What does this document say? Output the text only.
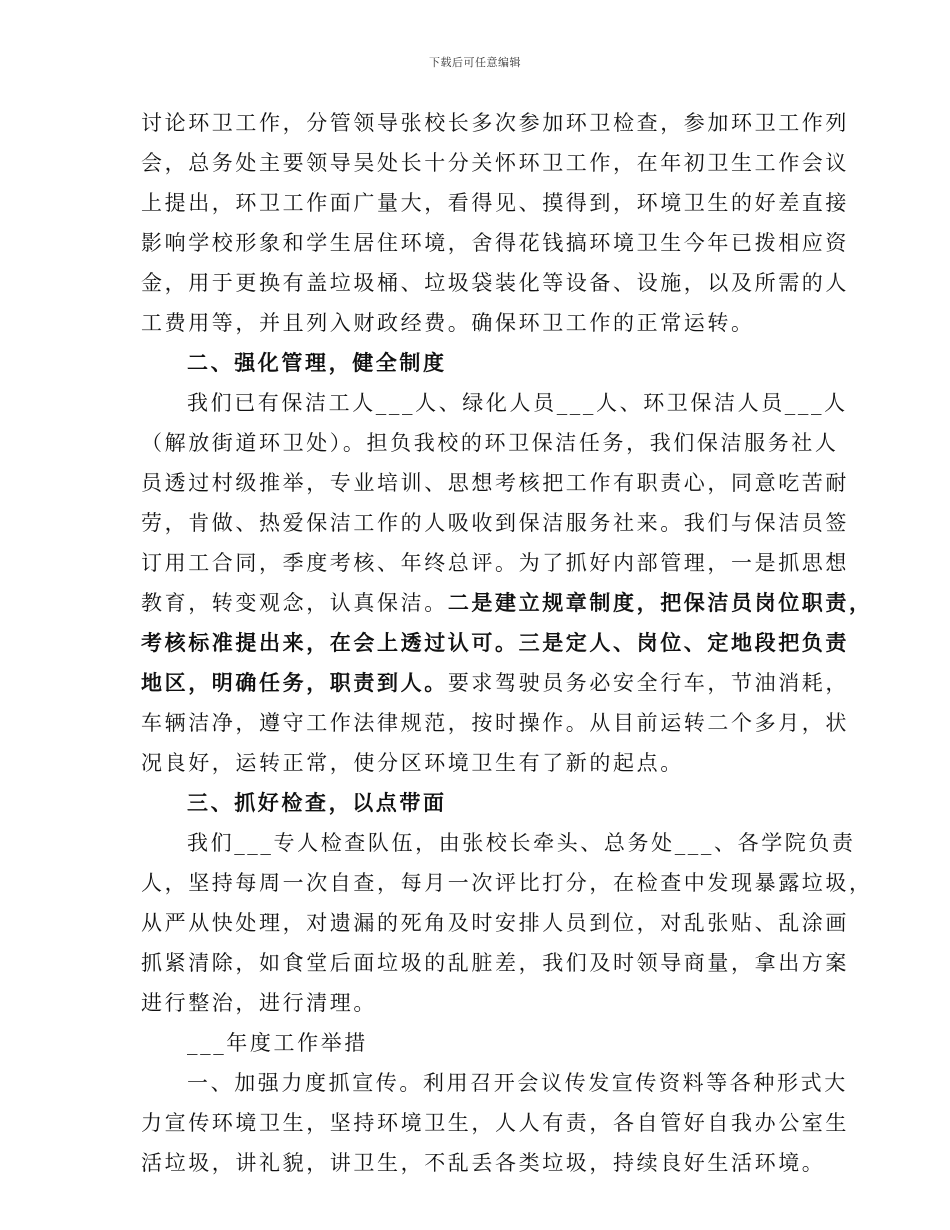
下载后可任意编辑
讨论环卫工作，分管领导张校长多次参加环卫检查，参加环卫工作列
会，总务处主要领导吴处长十分关怀环卫工作，在年初卫生工作会议
上提出，环卫工作面广量大，看得见、摸得到，环境卫生的好差直接
影响学校形象和学生居住环境，舍得花钱搞环境卫生今年已拨相应资
金，用于更换有盖垃圾桶、垃圾袋装化等设备、设施，以及所需的人
工费用等，并且列入财政经费。确保环卫工作的正常运转。
二、强化管理，健全制度
我们已有保洁工人___人、绿化人员___人、环卫保洁人员___人
（解放街道环卫处）。担负我校的环卫保洁任务，我们保洁服务社人
员透过村级推举，专业培训、思想考核把工作有职责心，同意吃苦耐
劳，肯做、热爱保洁工作的人吸收到保洁服务社来。我们与保洁员签
订用工合同，季度考核、年终总评。为了抓好内部管理，一是抓思想
教育，转变观念，认真保洁。二是建立规章制度，把保洁员岗位职责，
考核标准提出来，在会上透过认可。三是定人、岗位、定地段把负责
地区，明确任务，职责到人。要求驾驶员务必安全行车，节油消耗，
车辆洁净，遵守工作法律规范，按时操作。从目前运转二个多月，状
况良好，运转正常，使分区环境卫生有了新的起点。
三、抓好检查，以点带面
我们___专人检查队伍，由张校长牵头、总务处___、各学院负责
人，坚持每周一次自查，每月一次评比打分，在检查中发现暴露垃圾，
从严从快处理，对遗漏的死角及时安排人员到位，对乱张贴、乱涂画
抓紧清除，如食堂后面垃圾的乱脏差，我们及时领导商量，拿出方案
进行整治，进行清理。
___年度工作举措
一、加强力度抓宣传。利用召开会议传发宣传资料等各种形式大
力宣传环境卫生，坚持环境卫生，人人有责，各自管好自我办公室生
活垃圾，讲礼貌，讲卫生，不乱丢各类垃圾，持续良好生活环境。
